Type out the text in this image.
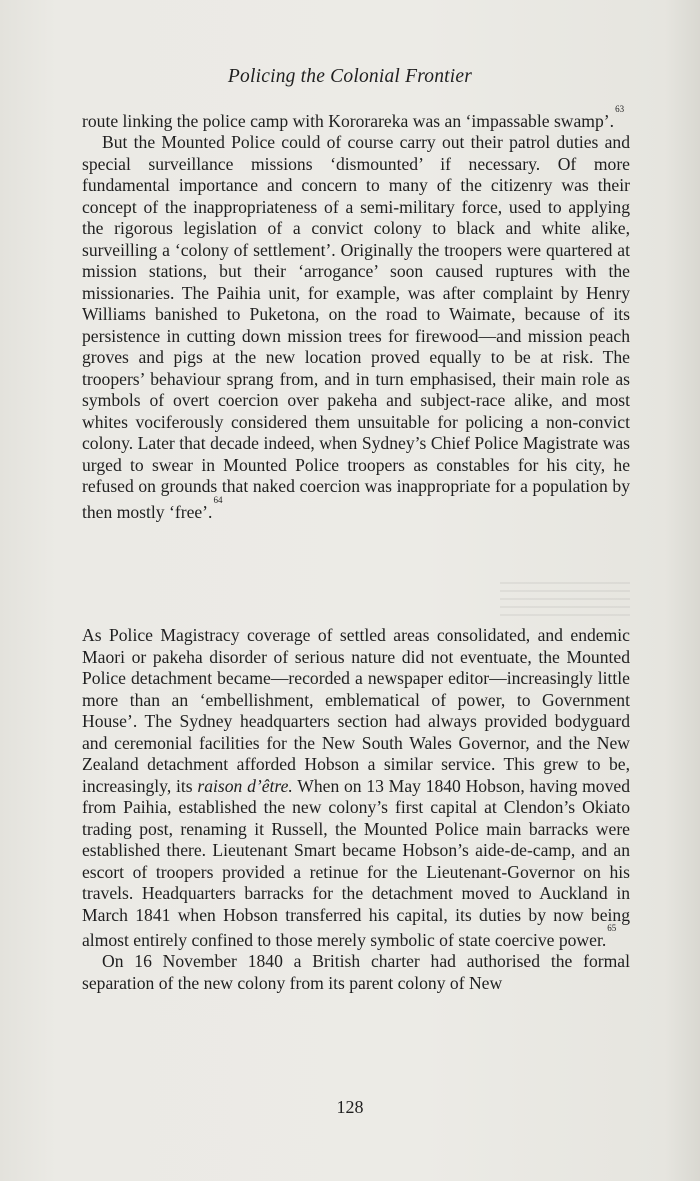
Policing the Colonial Frontier

route linking the police camp with Kororareka was an ‘impassable swamp’.$^{63}$

But the Mounted Police could of course carry out their patrol duties and special surveillance missions ‘dismounted’ if necessary. Of more fundamental importance and concern to many of the citizenry was their concept of the inappropriateness of a semi-military force, used to applying the rigorous legislation of a convict colony to black and white alike, surveilling a ‘colony of settlement’. Originally the troopers were quartered at mission stations, but their ‘arrogance’ soon caused ruptures with the missionaries. The Paihia unit, for example, was after complaint by Henry Williams banished to Puketona, on the road to Waimate, because of its persistence in cutting down mission trees for firewood—and mission peach groves and pigs at the new location proved equally to be at risk. The troopers’ behaviour sprang from, and in turn emphasised, their main role as symbols of overt coercion over pakeha and subject-race alike, and most whites vociferously considered them unsuitable for policing a non-convict colony. Later that decade indeed, when Sydney’s Chief Police Magistrate was urged to swear in Mounted Police troopers as constables for his city, he refused on grounds that naked coercion was inappropriate for a population by then mostly ‘free’.$^{64}$

As Police Magistracy coverage of settled areas consolidated, and endemic Maori or pakeha disorder of serious nature did not eventuate, the Mounted Police detachment became—recorded a newspaper editor—increasingly little more than an ‘embellishment, emblematical of power, to Government House’. The Sydney headquarters section had always provided bodyguard and ceremonial facilities for the New South Wales Governor, and the New Zealand detachment afforded Hobson a similar service. This grew to be, increasingly, its raison d’être. When on 13 May 1840 Hobson, having moved from Paihia, established the new colony’s first capital at Clendon’s Okiato trading post, renaming it Russell, the Mounted Police main barracks were established there. Lieutenant Smart became Hobson’s aide-de-camp, and an escort of troopers provided a retinue for the Lieutenant-Governor on his travels. Headquarters barracks for the detachment moved to Auckland in March 1841 when Hobson transferred his capital, its duties by now being almost entirely confined to those merely symbolic of state coercive power.$^{65}$

On 16 November 1840 a British charter had authorised the formal separation of the new colony from its parent colony of New

128
